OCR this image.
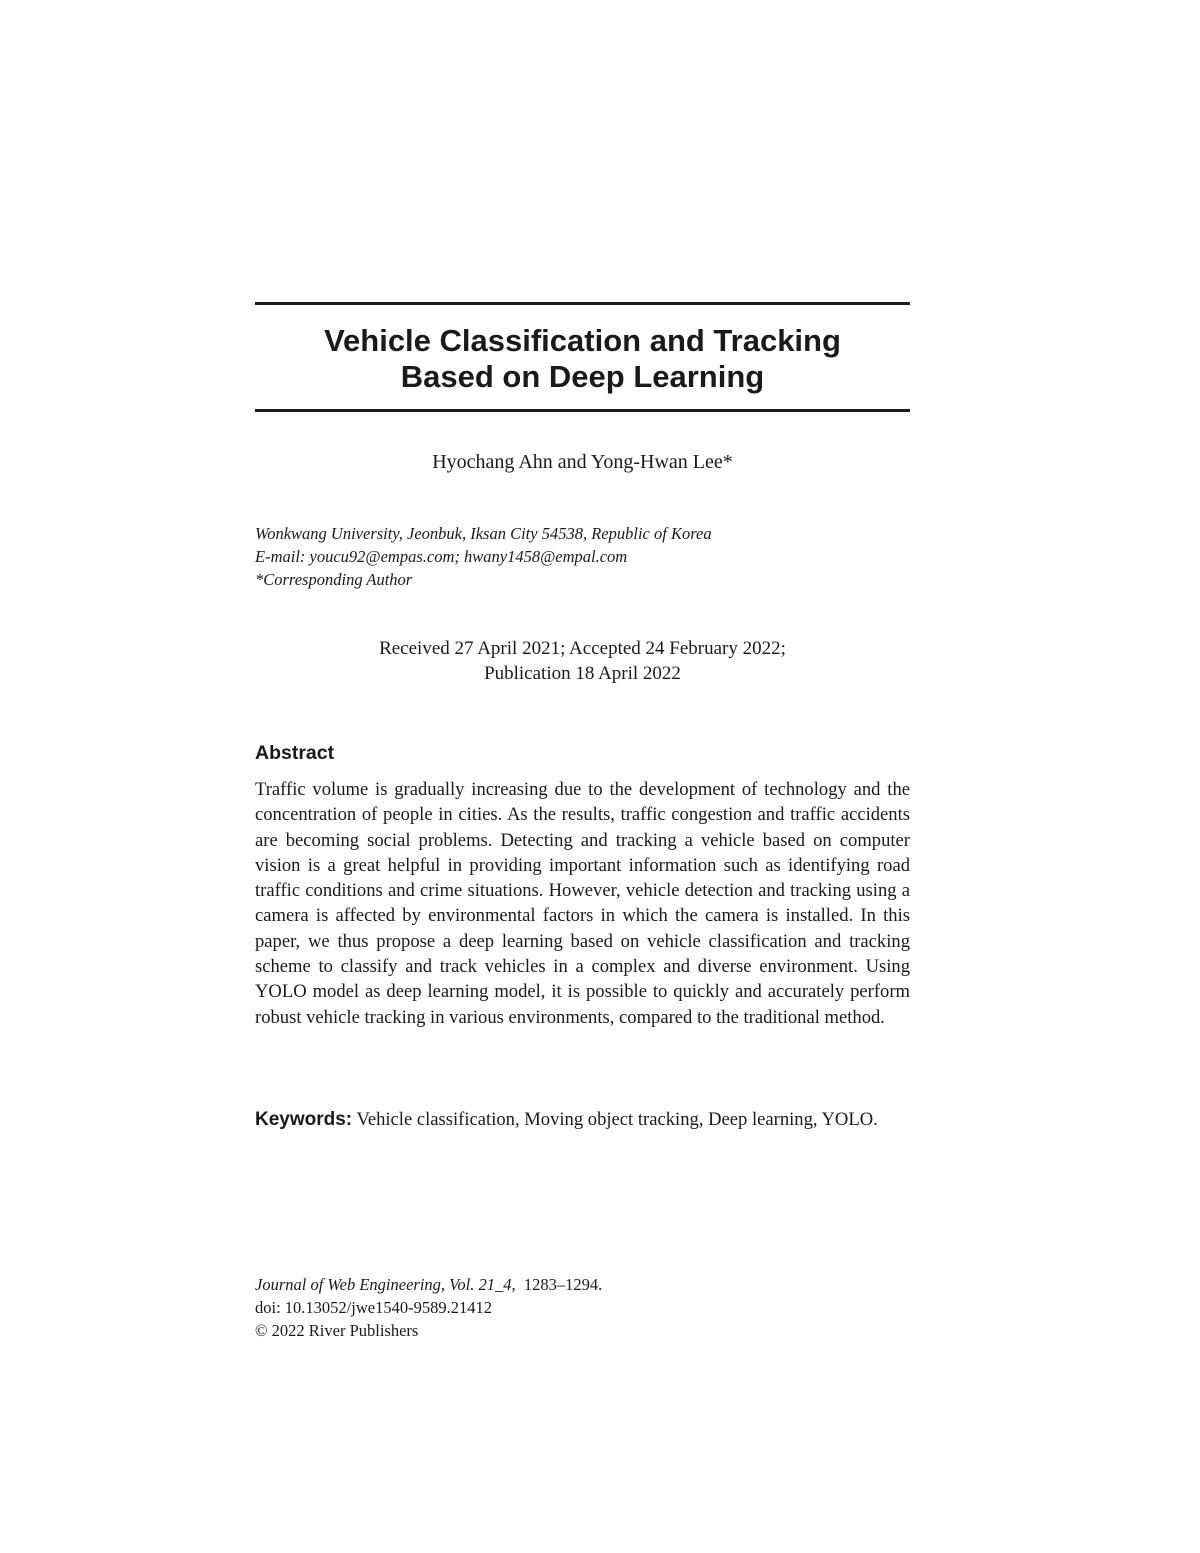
Vehicle Classification and Tracking
Based on Deep Learning
Hyochang Ahn and Yong-Hwan Lee*
Wonkwang University, Jeonbuk, Iksan City 54538, Republic of Korea
E-mail: youcu92@empas.com; hwany1458@empal.com
*Corresponding Author
Received 27 April 2021; Accepted 24 February 2022;
Publication 18 April 2022
Abstract
Traffic volume is gradually increasing due to the development of technology and the concentration of people in cities. As the results, traffic congestion and traffic accidents are becoming social problems. Detecting and tracking a vehicle based on computer vision is a great helpful in providing important information such as identifying road traffic conditions and crime situations. However, vehicle detection and tracking using a camera is affected by environmental factors in which the camera is installed. In this paper, we thus propose a deep learning based on vehicle classification and tracking scheme to classify and track vehicles in a complex and diverse environment. Using YOLO model as deep learning model, it is possible to quickly and accurately perform robust vehicle tracking in various environments, compared to the traditional method.
Keywords: Vehicle classification, Moving object tracking, Deep learning, YOLO.
Journal of Web Engineering, Vol. 21_4, 1283–1294.
doi: 10.13052/jwe1540-9589.21412
© 2022 River Publishers
